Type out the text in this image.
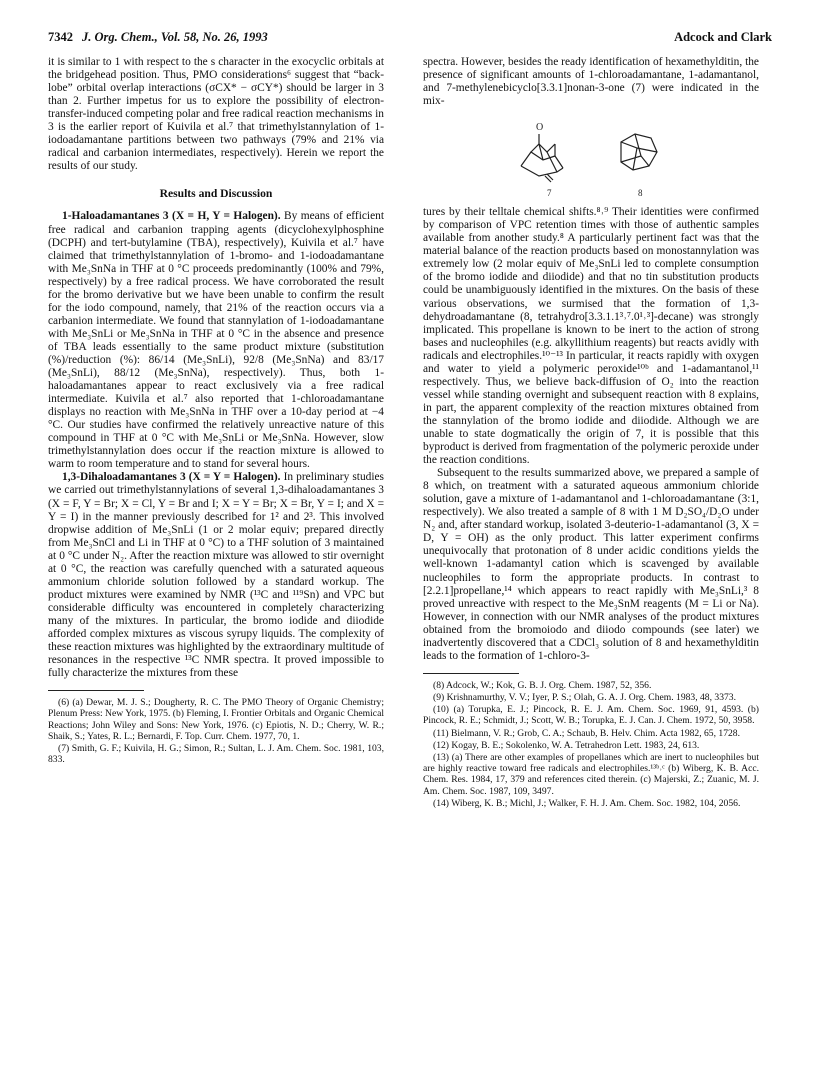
7342 J. Org. Chem., Vol. 58, No. 26, 1993	Adcock and Clark

it is similar to 1 with respect to the s character in the exocyclic orbitals at the bridgehead position. Thus, PMO considerations⁶ suggest that “back-lobe” orbital overlap interactions (σCX* − σCY*) should be larger in 3 than 2. Further impetus for us to explore the possibility of electron-transfer-induced competing polar and free radical reaction mechanisms in 3 is the earlier report of Kuivila et al.⁷ that trimethylstannylation of 1-iodoadamantane partitions between two pathways (79% and 21% via radical and carbanion intermediates, respectively). Herein we report the results of our study.

Results and Discussion

1-Haloadamantanes 3 (X = H, Y = Halogen). By means of efficient free radical and carbanion trapping agents (dicyclohexylphosphine (DCPH) and tert-butylamine (TBA), respectively), Kuivila et al.⁷ have claimed that trimethylstannylation of 1-bromo- and 1-iodoadamantane with Me₃SnNa in THF at 0 °C proceeds predominantly (100% and 79%, respectively) by a free radical process. We have corroborated the result for the bromo derivative but we have been unable to confirm the result for the iodo compound, namely, that 21% of the reaction occurs via a carbanion intermediate. We found that stannylation of 1-iodoadamantane with Me₃SnLi or Me₃SnNa in THF at 0 °C in the absence and presence of TBA leads essentially to the same product mixture (substitution (%)/reduction (%): 86/14 (Me₃SnLi), 92/8 (Me₃SnNa) and 83/17 (Me₃SnLi), 88/12 (Me₃SnNa), respectively). Thus, both 1-haloadamantanes appear to react exclusively via a free radical intermediate. Kuivila et al.⁷ also reported that 1-chloroadamantane displays no reaction with Me₃SnNa in THF over a 10-day period at −4 °C. Our studies have confirmed the relatively unreactive nature of this compound in THF at 0 °C with Me₃SnLi or Me₃SnNa. However, slow trimethylstannylation does occur if the reaction mixture is allowed to warm to room temperature and to stand for several hours.

1,3-Dihaloadamantanes 3 (X = Y = Halogen). In preliminary studies we carried out trimethylstannylations of several 1,3-dihaloadamantanes 3 (X = F, Y = Br; X = Cl, Y = Br and I; X = Y = Br; X = Br, Y = I; and X = Y = I) in the manner previously described for 1² and 2³. This involved dropwise addition of Me₃SnLi (1 or 2 molar equiv; prepared directly from Me₃SnCl and Li in THF at 0 °C) to a THF solution of 3 maintained at 0 °C under N₂. After the reaction mixture was allowed to stir overnight at 0 °C, the reaction was carefully quenched with a saturated aqueous ammonium chloride solution followed by a standard workup. The product mixtures were examined by NMR (¹³C and ¹¹⁹Sn) and VPC but considerable difficulty was encountered in completely characterizing many of the mixtures. In particular, the bromo iodide and diiodide afforded complex mixtures as viscous syrupy liquids. The complexity of these reaction mixtures was highlighted by the extraordinary multitude of resonances in the respective ¹³C NMR spectra. It proved impossible to fully characterize the mixtures from these

(6) (a) Dewar, M. J. S.; Dougherty, R. C. The PMO Theory of Organic Chemistry; Plenum Press: New York, 1975. (b) Fleming, I. Frontier Orbitals and Organic Chemical Reactions; John Wiley and Sons: New York, 1976. (c) Epiotis, N. D.; Cherry, W. R.; Shaik, S.; Yates, R. L.; Bernardi, F. Top. Curr. Chem. 1977, 70, 1.

(7) Smith, G. F.; Kuivila, H. G.; Simon, R.; Sultan, L. J. Am. Chem. Soc. 1981, 103, 833.

spectra. However, besides the ready identification of hexamethylditin, the presence of significant amounts of 1-chloroadamantane, 1-adamantanol, and 7-methylenebicyclo[3.3.1]nonan-3-one (7) were indicated in the mix-

O
7	8

tures by their telltale chemical shifts.⁸˒⁹ Their identities were confirmed by comparison of VPC retention times with those of authentic samples available from another study.⁸ A particularly pertinent fact was that the material balance of the reaction products based on monostannylation was extremely low (2 molar equiv of Me₃SnLi led to complete consumption of the bromo iodide and diiodide) and that no tin substitution products could be unambiguously identified in the mixtures. On the basis of these various observations, we surmised that the formation of 1,3-dehydroadamantane (8, tetrahydro[3.3.1.1³˒⁷.0¹˒³]-decane) was strongly implicated. This propellane is known to be inert to the action of strong bases and nucleophiles (e.g. alkyllithium reagents) but reacts avidly with radicals and electrophiles.¹⁰⁻¹³ In particular, it reacts rapidly with oxygen and water to yield a polymeric peroxide¹⁰ᵇ and 1-adamantanol,¹¹ respectively. Thus, we believe back-diffusion of O₂ into the reaction vessel while standing overnight and subsequent reaction with 8 explains, in part, the apparent complexity of the reaction mixtures obtained from the stannylation of the bromo iodide and diiodide. Although we are unable to state dogmatically the origin of 7, it is possible that this byproduct is derived from fragmentation of the polymeric peroxide under the reaction conditions.

Subsequent to the results summarized above, we prepared a sample of 8 which, on treatment with a saturated aqueous ammonium chloride solution, gave a mixture of 1-adamantanol and 1-chloroadamantane (3:1, respectively). We also treated a sample of 8 with 1 M D₂SO₄/D₂O under N₂ and, after standard workup, isolated 3-deuterio-1-adamantanol (3, X = D, Y = OH) as the only product. This latter experiment confirms unequivocally that protonation of 8 under acidic conditions yields the well-known 1-adamantyl cation which is scavenged by available nucleophiles to form the appropriate products. In contrast to [2.2.1]propellane,¹⁴ which appears to react rapidly with Me₃SnLi,³ 8 proved unreactive with respect to the Me₃SnM reagents (M = Li or Na). However, in connection with our NMR analyses of the product mixtures obtained from the bromoiodo and diiodo compounds (see later) we inadvertently discovered that a CDCl₃ solution of 8 and hexamethylditin leads to the formation of 1-chloro-3-

(8) Adcock, W.; Kok, G. B. J. Org. Chem. 1987, 52, 356.

(9) Krishnamurthy, V. V.; Iyer, P. S.; Olah, G. A. J. Org. Chem. 1983, 48, 3373.

(10) (a) Torupka, E. J.; Pincock, R. E. J. Am. Chem. Soc. 1969, 91, 4593. (b) Pincock, R. E.; Schmidt, J.; Scott, W. B.; Torupka, E. J. Can. J. Chem. 1972, 50, 3958.

(11) Bielmann, V. R.; Grob, C. A.; Schaub, B. Helv. Chim. Acta 1982, 65, 1728.

(12) Kogay, B. E.; Sokolenko, W. A. Tetrahedron Lett. 1983, 24, 613.

(13) (a) There are other examples of propellanes which are inert to nucleophiles but are highly reactive toward free radicals and electrophiles.¹³ᵇ˒ᶜ (b) Wiberg, K. B. Acc. Chem. Res. 1984, 17, 379 and references cited therein. (c) Majerski, Z.; Zuanic, M. J. Am. Chem. Soc. 1987, 109, 3497.

(14) Wiberg, K. B.; Michl, J.; Walker, F. H. J. Am. Chem. Soc. 1982, 104, 2056.
